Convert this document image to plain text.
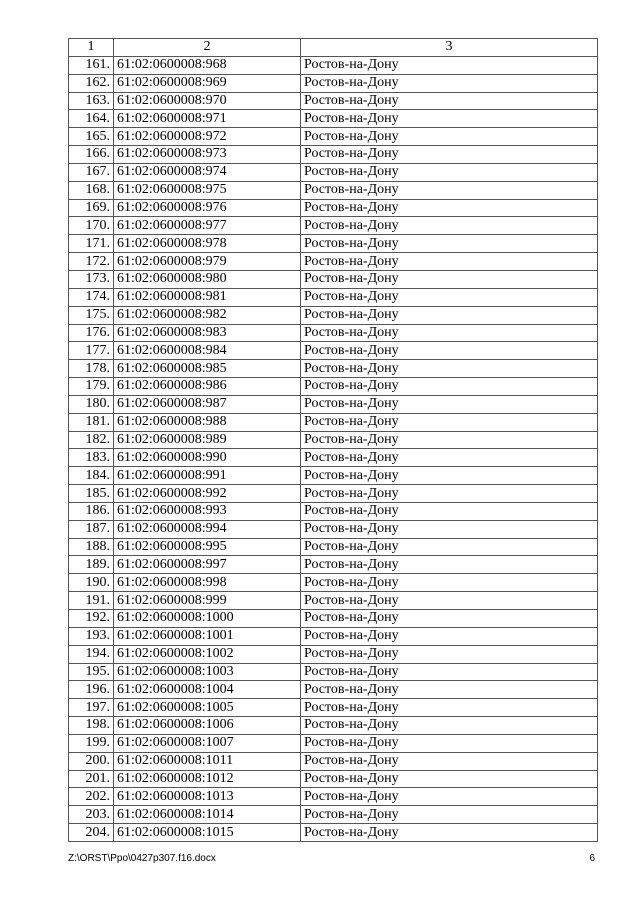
1	2	3
161.	61:02:0600008:968	Ростов-на-Дону
162.	61:02:0600008:969	Ростов-на-Дону
163.	61:02:0600008:970	Ростов-на-Дону
164.	61:02:0600008:971	Ростов-на-Дону
165.	61:02:0600008:972	Ростов-на-Дону
166.	61:02:0600008:973	Ростов-на-Дону
167.	61:02:0600008:974	Ростов-на-Дону
168.	61:02:0600008:975	Ростов-на-Дону
169.	61:02:0600008:976	Ростов-на-Дону
170.	61:02:0600008:977	Ростов-на-Дону
171.	61:02:0600008:978	Ростов-на-Дону
172.	61:02:0600008:979	Ростов-на-Дону
173.	61:02:0600008:980	Ростов-на-Дону
174.	61:02:0600008:981	Ростов-на-Дону
175.	61:02:0600008:982	Ростов-на-Дону
176.	61:02:0600008:983	Ростов-на-Дону
177.	61:02:0600008:984	Ростов-на-Дону
178.	61:02:0600008:985	Ростов-на-Дону
179.	61:02:0600008:986	Ростов-на-Дону
180.	61:02:0600008:987	Ростов-на-Дону
181.	61:02:0600008:988	Ростов-на-Дону
182.	61:02:0600008:989	Ростов-на-Дону
183.	61:02:0600008:990	Ростов-на-Дону
184.	61:02:0600008:991	Ростов-на-Дону
185.	61:02:0600008:992	Ростов-на-Дону
186.	61:02:0600008:993	Ростов-на-Дону
187.	61:02:0600008:994	Ростов-на-Дону
188.	61:02:0600008:995	Ростов-на-Дону
189.	61:02:0600008:997	Ростов-на-Дону
190.	61:02:0600008:998	Ростов-на-Дону
191.	61:02:0600008:999	Ростов-на-Дону
192.	61:02:0600008:1000	Ростов-на-Дону
193.	61:02:0600008:1001	Ростов-на-Дону
194.	61:02:0600008:1002	Ростов-на-Дону
195.	61:02:0600008:1003	Ростов-на-Дону
196.	61:02:0600008:1004	Ростов-на-Дону
197.	61:02:0600008:1005	Ростов-на-Дону
198.	61:02:0600008:1006	Ростов-на-Дону
199.	61:02:0600008:1007	Ростов-на-Дону
200.	61:02:0600008:1011	Ростов-на-Дону
201.	61:02:0600008:1012	Ростов-на-Дону
202.	61:02:0600008:1013	Ростов-на-Дону
203.	61:02:0600008:1014	Ростов-на-Дону
204.	61:02:0600008:1015	Ростов-на-Дону
Z:\ORST\Ppo\0427p307.f16.docx	6
